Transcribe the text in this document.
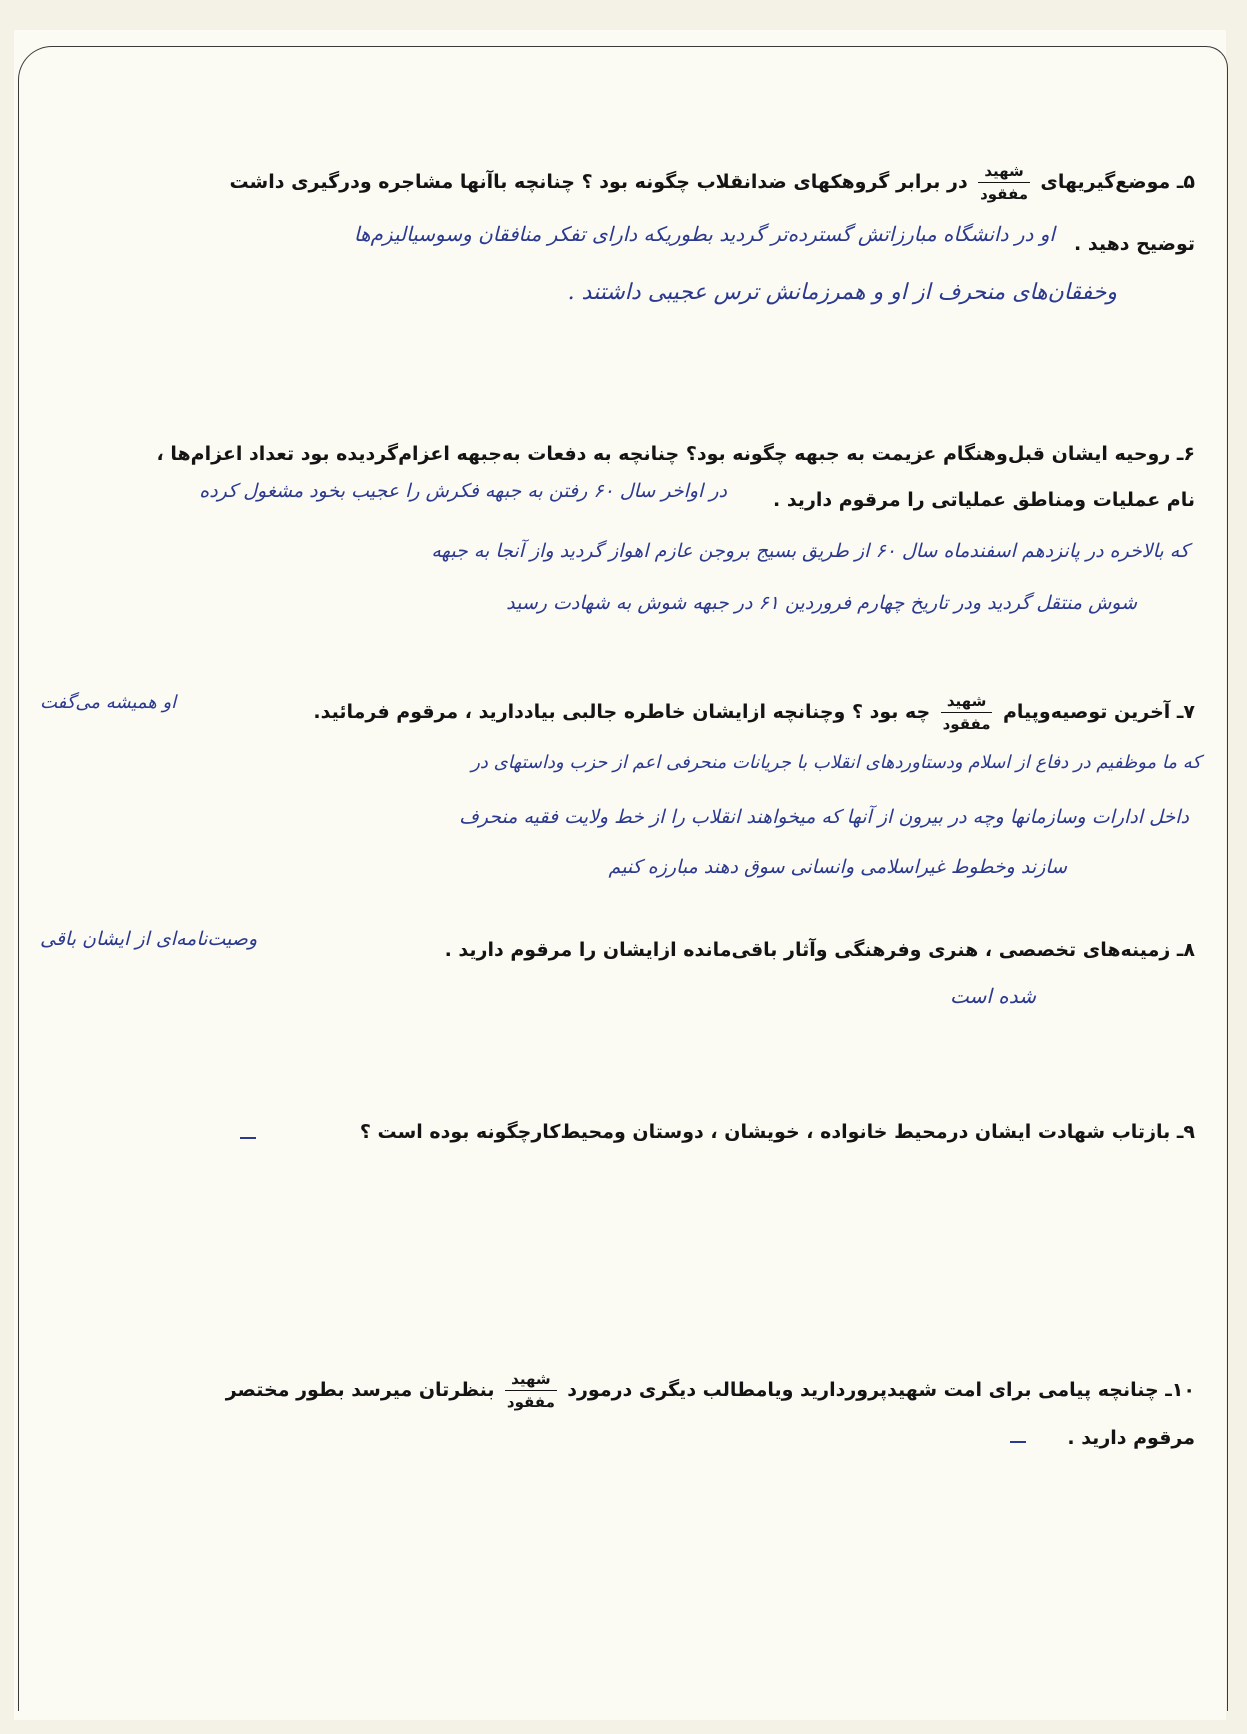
۵ـ موضع‌گیریهای
$\frac{\text{شهید}}{\text{مفقود}}$
در برابر گروهکهای ضدانقلاب چگونه بود ؟ چنانچه باآنها مشاجره ودرگیری داشت
توضیح دهید .
او در دانشگاه مبارزاتش گسترده‌تر گردید بطوریکه دارای تفکر منافقان وسوسیالیزم‌ها
وخفقان‌های منحرف از او و همرزمانش ترس عجیبی داشتند .
۶ـ روحیه ایشان قبل‌وهنگام عزیمت به جبهه چگونه بود؟ چنانچه به دفعات به‌جبهه اعزام‌گردیده بود تعداد اعزام‌ها ،
نام عملیات ومناطق عملیاتی را مرقوم دارید .
در اواخر سال ۶۰ رفتن به جبهه فکرش را عجیب بخود مشغول کرده
که بالاخره در پانزدهم اسفندماه سال ۶۰ از طریق بسیج بروجن عازم اهواز گردید واز آنجا به جبهه
شوش منتقل گردید ودر تاریخ چهارم فروردین ۶۱ در جبهه شوش به شهادت رسید
۷ـ آخرین توصیه‌وپیام
$\frac{\text{شهید}}{\text{مفقود}}$
چه بود ؟ وچنانچه ازایشان خاطره جالبی بیاددارید ، مرقوم فرمائید.
او همیشه می‌گفت
که ما موظفیم در دفاع از اسلام ودستاوردهای انقلاب با جریانات منحرفی اعم از حزب وداستهای در
داخل ادارات وسازمانها وچه در بیرون از آنها که میخواهند انقلاب را از خط ولایت فقیه منحرف
سازند وخطوط غیراسلامی وانسانی سوق دهند مبارزه کنیم
۸ـ زمینه‌های تخصصی ، هنری وفرهنگی وآثار باقی‌مانده ازایشان را مرقوم دارید .
وصیت‌نامه‌ای از ایشان باقی
شده است
۹ـ بازتاب شهادت ایشان درمحیط خانواده ، خویشان ، دوستان ومحیط‌کارچگونه بوده است ؟
۱۰ـ چنانچه پیامی برای امت شهیدپروردارید ویامطالب دیگری درمورد
$\frac{\text{شهید}}{\text{مفقود}}$
بنظرتان میرسد بطور مختصر
مرقوم دارید .
